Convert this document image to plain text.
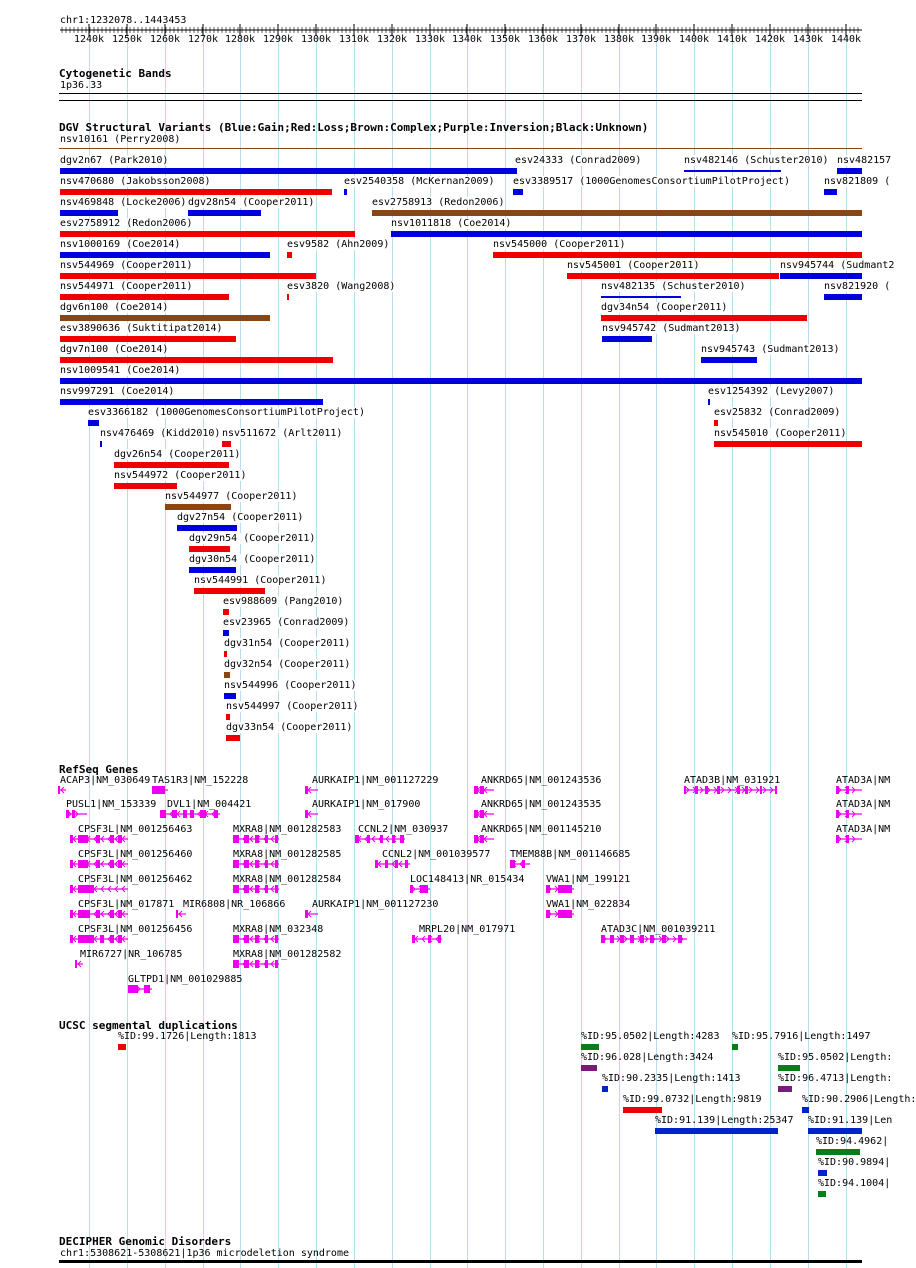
chr1:1232078..1443453
1240k 1250k 1260k 1270k 1280k 1290k 1300k 1310k 1320k 1330k 1340k 1350k 1360k 1370k 1380k 1390k 1400k 1410k 1420k 1430k 1440k
Cytogenetic Bands
1p36.33
DGV Structural Variants (Blue:Gain;Red:Loss;Brown:Complex;Purple:Inversion;Black:Unknown)
nsv10161 (Perry2008)
dgv2n67 (Park2010)	esv24333 (Conrad2009)	nsv482146 (Schuster2010) nsv482157
nsv470680 (Jakobsson2008)	esv2540358 (McKernan2009) esv3389517 (1000GenomesConsortiumPilotProject)	nsv821809 (
nsv469848 (Locke2006) dgv28n54 (Cooper2011)	esv2758913 (Redon2006)
esv2758912 (Redon2006)	nsv1011818 (Coe2014)
nsv1000169 (Coe2014)	esv9582 (Ahn2009)	nsv545000 (Cooper2011)
nsv544969 (Cooper2011)	nsv545001 (Cooper2011)	nsv945744 (Sudmant2
nsv544971 (Cooper2011)	esv3820 (Wang2008)	nsv482135 (Schuster2010)	nsv821920 (
dgv6n100 (Coe2014)	dgv34n54 (Cooper2011)
esv3890636 (Suktitipat2014)	nsv945742 (Sudmant2013)
dgv7n100 (Coe2014)	nsv945743 (Sudmant2013)
nsv1009541 (Coe2014)
nsv997291 (Coe2014)	esv1254392 (Levy2007)
esv3366182 (1000GenomesConsortiumPilotProject)	esv25832 (Conrad2009)
nsv476469 (Kidd2010) nsv511672 (Arlt2011)	nsv545010 (Cooper2011)
dgv26n54 (Cooper2011)
nsv544972 (Cooper2011)
nsv544977 (Cooper2011)
dgv27n54 (Cooper2011)
dgv29n54 (Cooper2011)
dgv30n54 (Cooper2011)
nsv544991 (Cooper2011)
esv988609 (Pang2010)
esv23965 (Conrad2009)
dgv31n54 (Cooper2011)
dgv32n54 (Cooper2011)
nsv544996 (Cooper2011)
nsv544997 (Cooper2011)
dgv33n54 (Cooper2011)
RefSeq Genes
ACAP3|NM_030649 TAS1R3|NM_152228	AURKAIP1|NM_001127229	ANKRD65|NM_001243536	ATAD3B|NM_031921	ATAD3A|NM
PUSL1|NM_153339 DVL1|NM_004421	AURKAIP1|NM_017900	ANKRD65|NM_001243535	ATAD3A|NM
CPSF3L|NM_001256463	MXRA8|NM_001282583 CCNL2|NM_030937	ANKRD65|NM_001145210	ATAD3A|NM
CPSF3L|NM_001256460	MXRA8|NM_001282585	CCNL2|NM_001039577 TMEM88B|NM_001146685
CPSF3L|NM_001256462	MXRA8|NM_001282584	LOC148413|NR_015434 VWA1|NM_199121
CPSF3L|NM_017871 MIR6808|NR_106866	AURKAIP1|NM_001127230	VWA1|NM_022834
CPSF3L|NM_001256456	MXRA8|NM_032348	MRPL20|NM_017971	ATAD3C|NM_001039211
MIR6727|NR_106785	MXRA8|NM_001282582
GLTPD1|NM_001029885
UCSC segmental duplications
%ID:99.1726|Length:1813	%ID:95.0502|Length:4283 %ID:95.7916|Length:1497
%ID:96.028|Length:3424	%ID:95.0502|Length:
%ID:90.2335|Length:1413	%ID:96.4713|Length:
%ID:99.0732|Length:9819	%ID:90.2906|Length:
%ID:91.139|Length:25347 %ID:91.139|Len
%ID:94.4962|
%ID:90.9894|
%ID:94.1004|
DECIPHER Genomic Disorders
chr1:5308621-5308621|1p36 microdeletion syndrome
